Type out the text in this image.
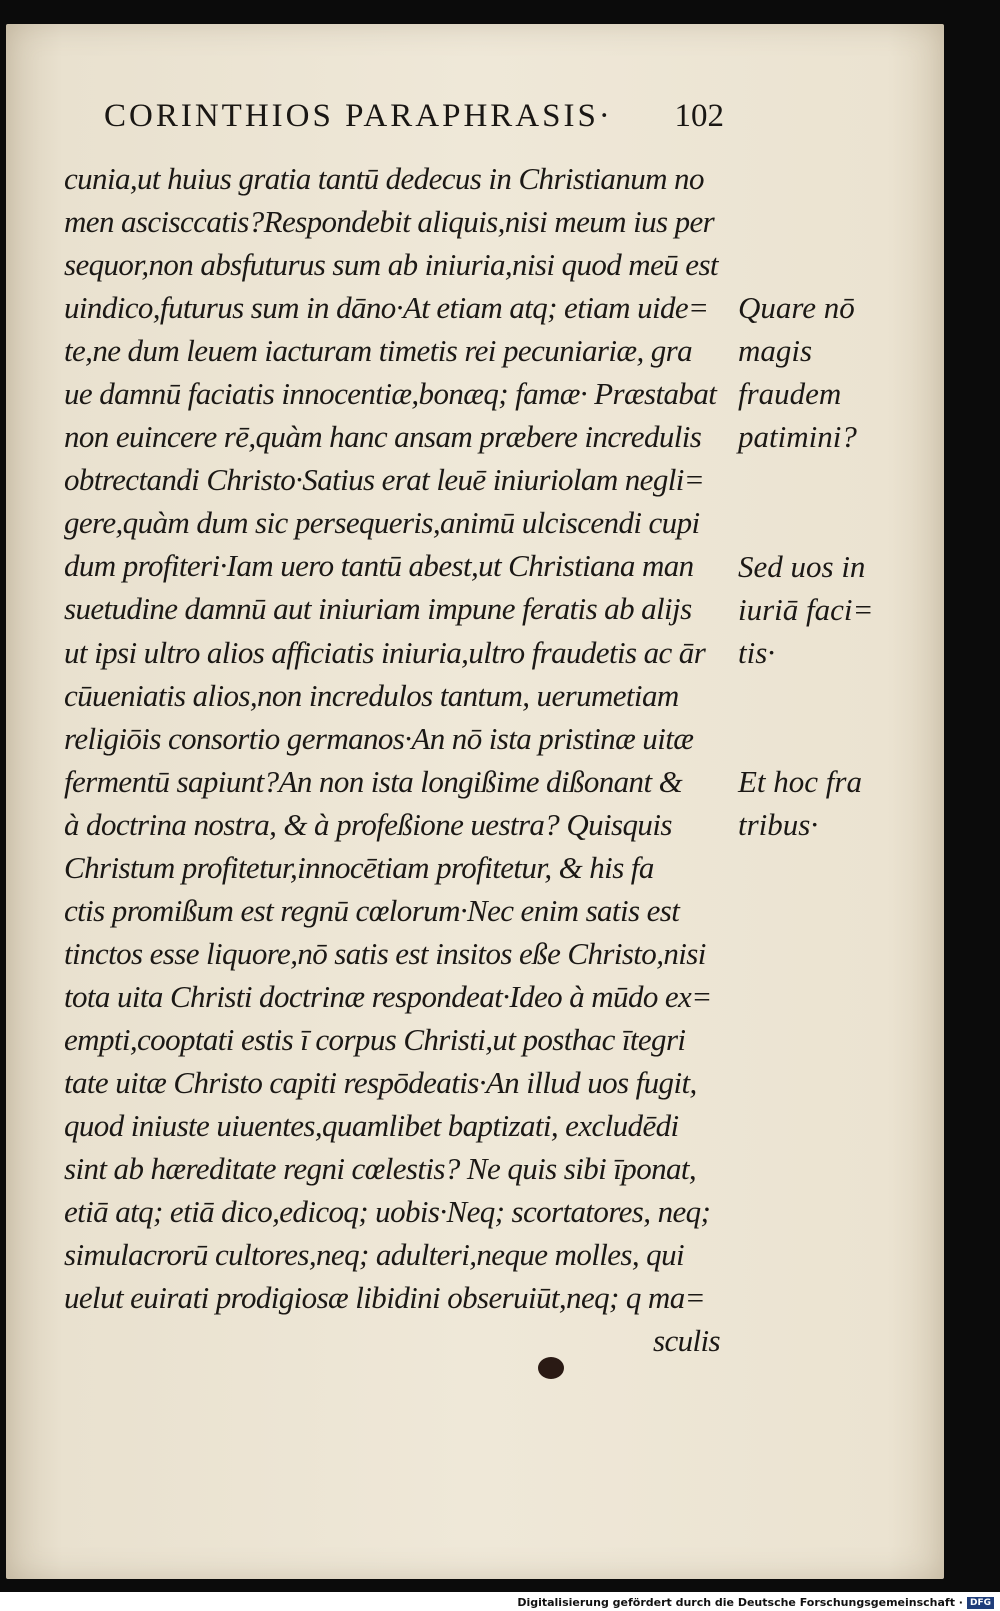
CORINTHIOS PARAPHRASIS· 102
cunia,ut huius gratia tantū dedecus in Christianum no
men ascisccatis?Respondebit aliquis,nisi meum ius per
sequor,non absfuturus sum ab iniuria,nisi quod meū est
uindico,futurus sum in dāno·At etiam atq; etiam uide=
te,ne dum leuem iacturam timetis rei pecuniariæ, gra
ue damnū faciatis innocentiæ,bonæq; famæ· Præstabat
non euincere rē,quàm hanc ansam præbere incredulis
obtrectandi Christo·Satius erat leuē iniuriolam negli=
gere,quàm dum sic persequeris,animū ulciscendi cupi
dum profiteri·Iam uero tantū abest,ut Christiana man
suetudine damnū aut iniuriam impune feratis ab alijs
ut ipsi ultro alios afficiatis iniuria,ultro fraudetis ac ār
cūueniatis alios,non incredulos tantum, uerumetiam
religiōis consortio germanos·An nō ista pristinæ uitæ
fermentū sapiunt?An non ista longißime dißonant &
à doctrina nostra, & à profeßione uestra? Quisquis
Christum profitetur,innocētiam profitetur, & his fa
ctis promißum est regnū cœlorum·Nec enim satis est
tinctos esse liquore,nō satis est insitos eße Christo,nisi
tota uita Christi doctrinæ respondeat·Ideo à mūdo ex=
empti,cooptati estis ī corpus Christi,ut posthac ītegri
tate uitæ Christo capiti respōdeatis·An illud uos fugit,
quod iniuste uiuentes,quamlibet baptizati, excludēdi
sint ab hæreditate regni cœlestis? Ne quis sibi īponat,
etiā atq; etiā dico,edicoq; uobis·Neq; scortatores, neq;
simulacrorū cultores,neq; adulteri,neque molles, qui
uelut euirati prodigiosæ libidini obseruiūt,neq; q ma=
sculis
Quare nō
magis
fraudem
patimini?
Sed uos in
iuriā faci=
tis·
Et hoc fra
tribus·
Digitalisierung gefördert durch die Deutsche Forschungsgemeinschaft · DFG
